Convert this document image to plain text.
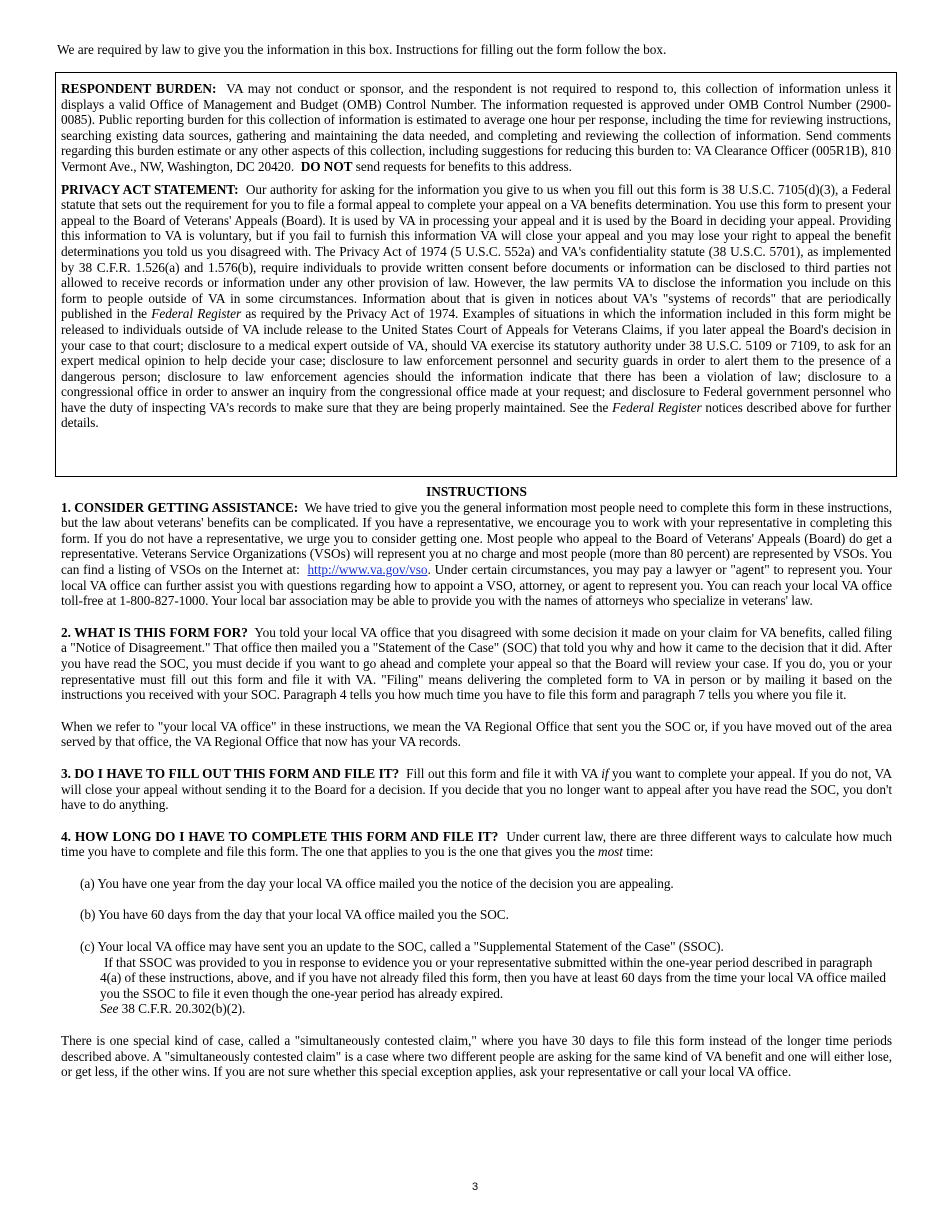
We are required by law to give you the information in this box. Instructions for filling out the form follow the box.

RESPONDENT BURDEN: VA may not conduct or sponsor, and the respondent is not required to respond to, this collection of information unless it displays a valid Office of Management and Budget (OMB) Control Number. The information requested is approved under OMB Control Number (2900-0085). Public reporting burden for this collection of information is estimated to average one hour per response, including the time for reviewing instructions, searching existing data sources, gathering and maintaining the data needed, and completing and reviewing the collection of information. Send comments regarding this burden estimate or any other aspects of this collection, including suggestions for reducing this burden to: VA Clearance Officer (005R1B), 810 Vermont Ave., NW, Washington, DC 20420. DO NOT send requests for benefits to this address.

PRIVACY ACT STATEMENT: Our authority for asking for the information you give to us when you fill out this form is 38 U.S.C. 7105(d)(3), a Federal statute that sets out the requirement for you to file a formal appeal to complete your appeal on a VA benefits determination. You use this form to present your appeal to the Board of Veterans' Appeals (Board). It is used by VA in processing your appeal and it is used by the Board in deciding your appeal. Providing this information to VA is voluntary, but if you fail to furnish this information VA will close your appeal and you may lose your right to appeal the benefit determinations you told us you disagreed with. The Privacy Act of 1974 (5 U.S.C. 552a) and VA's confidentiality statute (38 U.S.C. 5701), as implemented by 38 C.F.R. 1.526(a) and 1.576(b), require individuals to provide written consent before documents or information can be disclosed to third parties not allowed to receive records or information under any other provision of law. However, the law permits VA to disclose the information you include on this form to people outside of VA in some circumstances. Information about that is given in notices about VA's "systems of records" that are periodically published in the Federal Register as required by the Privacy Act of 1974. Examples of situations in which the information included in this form might be released to individuals outside of VA include release to the United States Court of Appeals for Veterans Claims, if you later appeal the Board's decision in your case to that court; disclosure to a medical expert outside of VA, should VA exercise its statutory authority under 38 U.S.C. 5109 or 7109, to ask for an expert medical opinion to help decide your case; disclosure to law enforcement personnel and security guards in order to alert them to the presence of a dangerous person; disclosure to law enforcement agencies should the information indicate that there has been a violation of law; disclosure to a congressional office in order to answer an inquiry from the congressional office made at your request; and disclosure to Federal government personnel who have the duty of inspecting VA's records to make sure that they are being properly maintained. See the Federal Register notices described above for further details.

INSTRUCTIONS

1. CONSIDER GETTING ASSISTANCE: We have tried to give you the general information most people need to complete this form in these instructions, but the law about veterans' benefits can be complicated. If you have a representative, we encourage you to work with your representative in completing this form. If you do not have a representative, we urge you to consider getting one. Most people who appeal to the Board of Veterans' Appeals (Board) do get a representative. Veterans Service Organizations (VSOs) will represent you at no charge and most people (more than 80 percent) are represented by VSOs. You can find a listing of VSOs on the Internet at: http://www.va.gov/vso. Under certain circumstances, you may pay a lawyer or "agent" to represent you. Your local VA office can further assist you with questions regarding how to appoint a VSO, attorney, or agent to represent you. You can reach your local VA office toll-free at 1-800-827-1000. Your local bar association may be able to provide you with the names of attorneys who specialize in veterans' law.

2. WHAT IS THIS FORM FOR? You told your local VA office that you disagreed with some decision it made on your claim for VA benefits, called filing a "Notice of Disagreement." That office then mailed you a "Statement of the Case" (SOC) that told you why and how it came to the decision that it did. After you have read the SOC, you must decide if you want to go ahead and complete your appeal so that the Board will review your case. If you do, you or your representative must fill out this form and file it with VA. "Filing" means delivering the completed form to VA in person or by mailing it based on the instructions you received with your SOC. Paragraph 4 tells you how much time you have to file this form and paragraph 7 tells you where you file it.

When we refer to "your local VA office" in these instructions, we mean the VA Regional Office that sent you the SOC or, if you have moved out of the area served by that office, the VA Regional Office that now has your VA records.

3. DO I HAVE TO FILL OUT THIS FORM AND FILE IT? Fill out this form and file it with VA if you want to complete your appeal. If you do not, VA will close your appeal without sending it to the Board for a decision. If you decide that you no longer want to appeal after you have read the SOC, you don't have to do anything.

4. HOW LONG DO I HAVE TO COMPLETE THIS FORM AND FILE IT? Under current law, there are three different ways to calculate how much time you have to complete and file this form. The one that applies to you is the one that gives you the most time:

(a) You have one year from the day your local VA office mailed you the notice of the decision you are appealing.

(b) You have 60 days from the day that your local VA office mailed you the SOC.

(c) Your local VA office may have sent you an update to the SOC, called a "Supplemental Statement of the Case" (SSOC).
If that SSOC was provided to you in response to evidence you or your representative submitted within the one-year period described in paragraph 4(a) of these instructions, above, and if you have not already filed this form, then you have at least 60 days from the time your local VA office mailed you the SSOC to file it even though the one-year period has already expired.
See 38 C.F.R. 20.302(b)(2).

There is one special kind of case, called a "simultaneously contested claim," where you have 30 days to file this form instead of the longer time periods described above. A "simultaneously contested claim" is a case where two different people are asking for the same kind of VA benefit and one will either lose, or get less, if the other wins. If you are not sure whether this special exception applies, ask your representative or call your local VA office.

3
